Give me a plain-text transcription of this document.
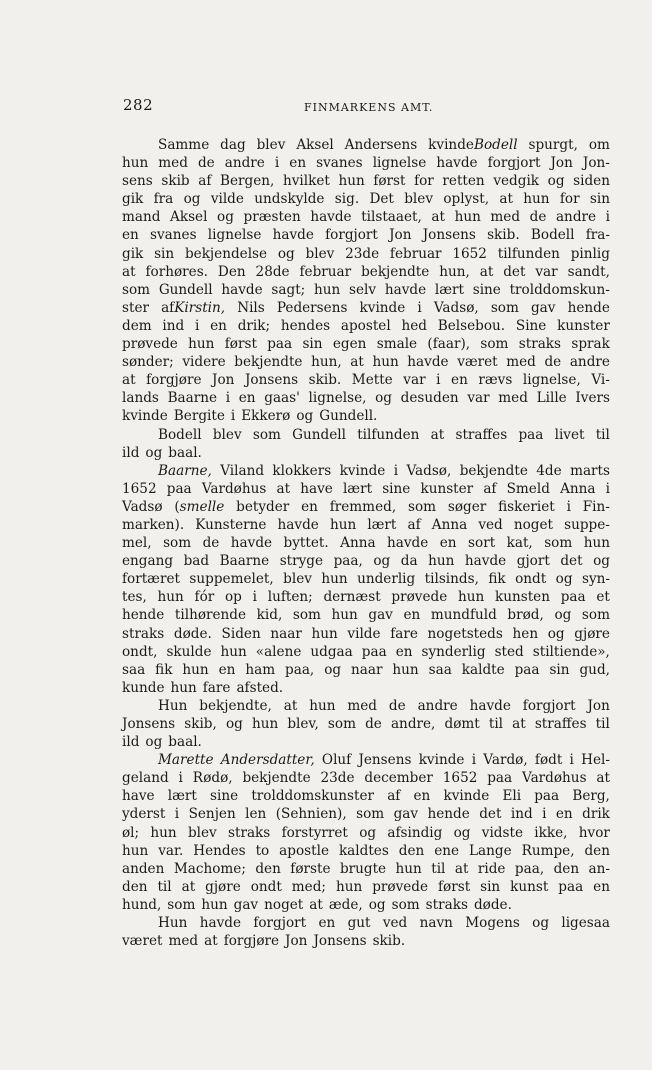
282	FINMARKENS AMT.
Samme dag blev Aksel Andersens kvindeBodell spurgt, om
hun med de andre i en svanes lignelse havde forgjort Jon Jon-
sens skib af Bergen, hvilket hun først for retten vedgik og siden
gik fra og vilde undskylde sig. Det blev oplyst, at hun for sin
mand Aksel og præsten havde tilstaaet, at hun med de andre i
en svanes lignelse havde forgjort Jon Jonsens skib. Bodell fra-
gik sin bekjendelse og blev 23de februar 1652 tilfunden pinlig
at forhøres. Den 28de februar bekjendte hun, at det var sandt,
som Gundell havde sagt; hun selv havde lært sine trolddomskun-
ster afKirstin, Nils Pedersens kvinde i Vadsø, som gav hende
dem ind i en drik; hendes apostel hed Belsebou. Sine kunster
prøvede hun først paa sin egen smale (faar), som straks sprak
sønder; videre bekjendte hun, at hun havde været med de andre
at forgjøre Jon Jonsens skib. Mette var i en rævs lignelse, Vi-
lands Baarne i en gaas' lignelse, og desuden var med Lille Ivers
kvinde Bergite i Ekkerø og Gundell.
Bodell blev som Gundell tilfunden at straffes paa livet til
ild og baal.
Baarne, Viland klokkers kvinde i Vadsø, bekjendte 4de marts
1652 paa Vardøhus at have lært sine kunster af Smeld Anna i
Vadsø (smelle betyder en fremmed, som søger fiskeriet i Fin-
marken). Kunsterne havde hun lært af Anna ved noget suppe-
mel, som de havde byttet. Anna havde en sort kat, som hun
engang bad Baarne stryge paa, og da hun havde gjort det og
fortæret suppemelet, blev hun underlig tilsinds, fik ondt og syn-
tes, hun fór op i luften; dernæst prøvede hun kunsten paa et
hende tilhørende kid, som hun gav en mundfuld brød, og som
straks døde. Siden naar hun vilde fare nogetsteds hen og gjøre
ondt, skulde hun «alene udgaa paa en synderlig sted stiltiende»,
saa fik hun en ham paa, og naar hun saa kaldte paa sin gud,
kunde hun fare afsted.
Hun bekjendte, at hun med de andre havde forgjort Jon
Jonsens skib, og hun blev, som de andre, dømt til at straffes til
ild og baal.
Marette Andersdatter, Oluf Jensens kvinde i Vardø, født i Hel-
geland i Rødø, bekjendte 23de december 1652 paa Vardøhus at
have lært sine trolddomskunster af en kvinde Eli paa Berg,
yderst i Senjen len (Sehnien), som gav hende det ind i en drik
øl; hun blev straks forstyrret og afsindig og vidste ikke, hvor
hun var. Hendes to apostle kaldtes den ene Lange Rumpe, den
anden Machome; den første brugte hun til at ride paa, den an-
den til at gjøre ondt med; hun prøvede først sin kunst paa en
hund, som hun gav noget at æde, og som straks døde.
Hun havde forgjort en gut ved navn Mogens og ligesaa
været med at forgjøre Jon Jonsens skib.
